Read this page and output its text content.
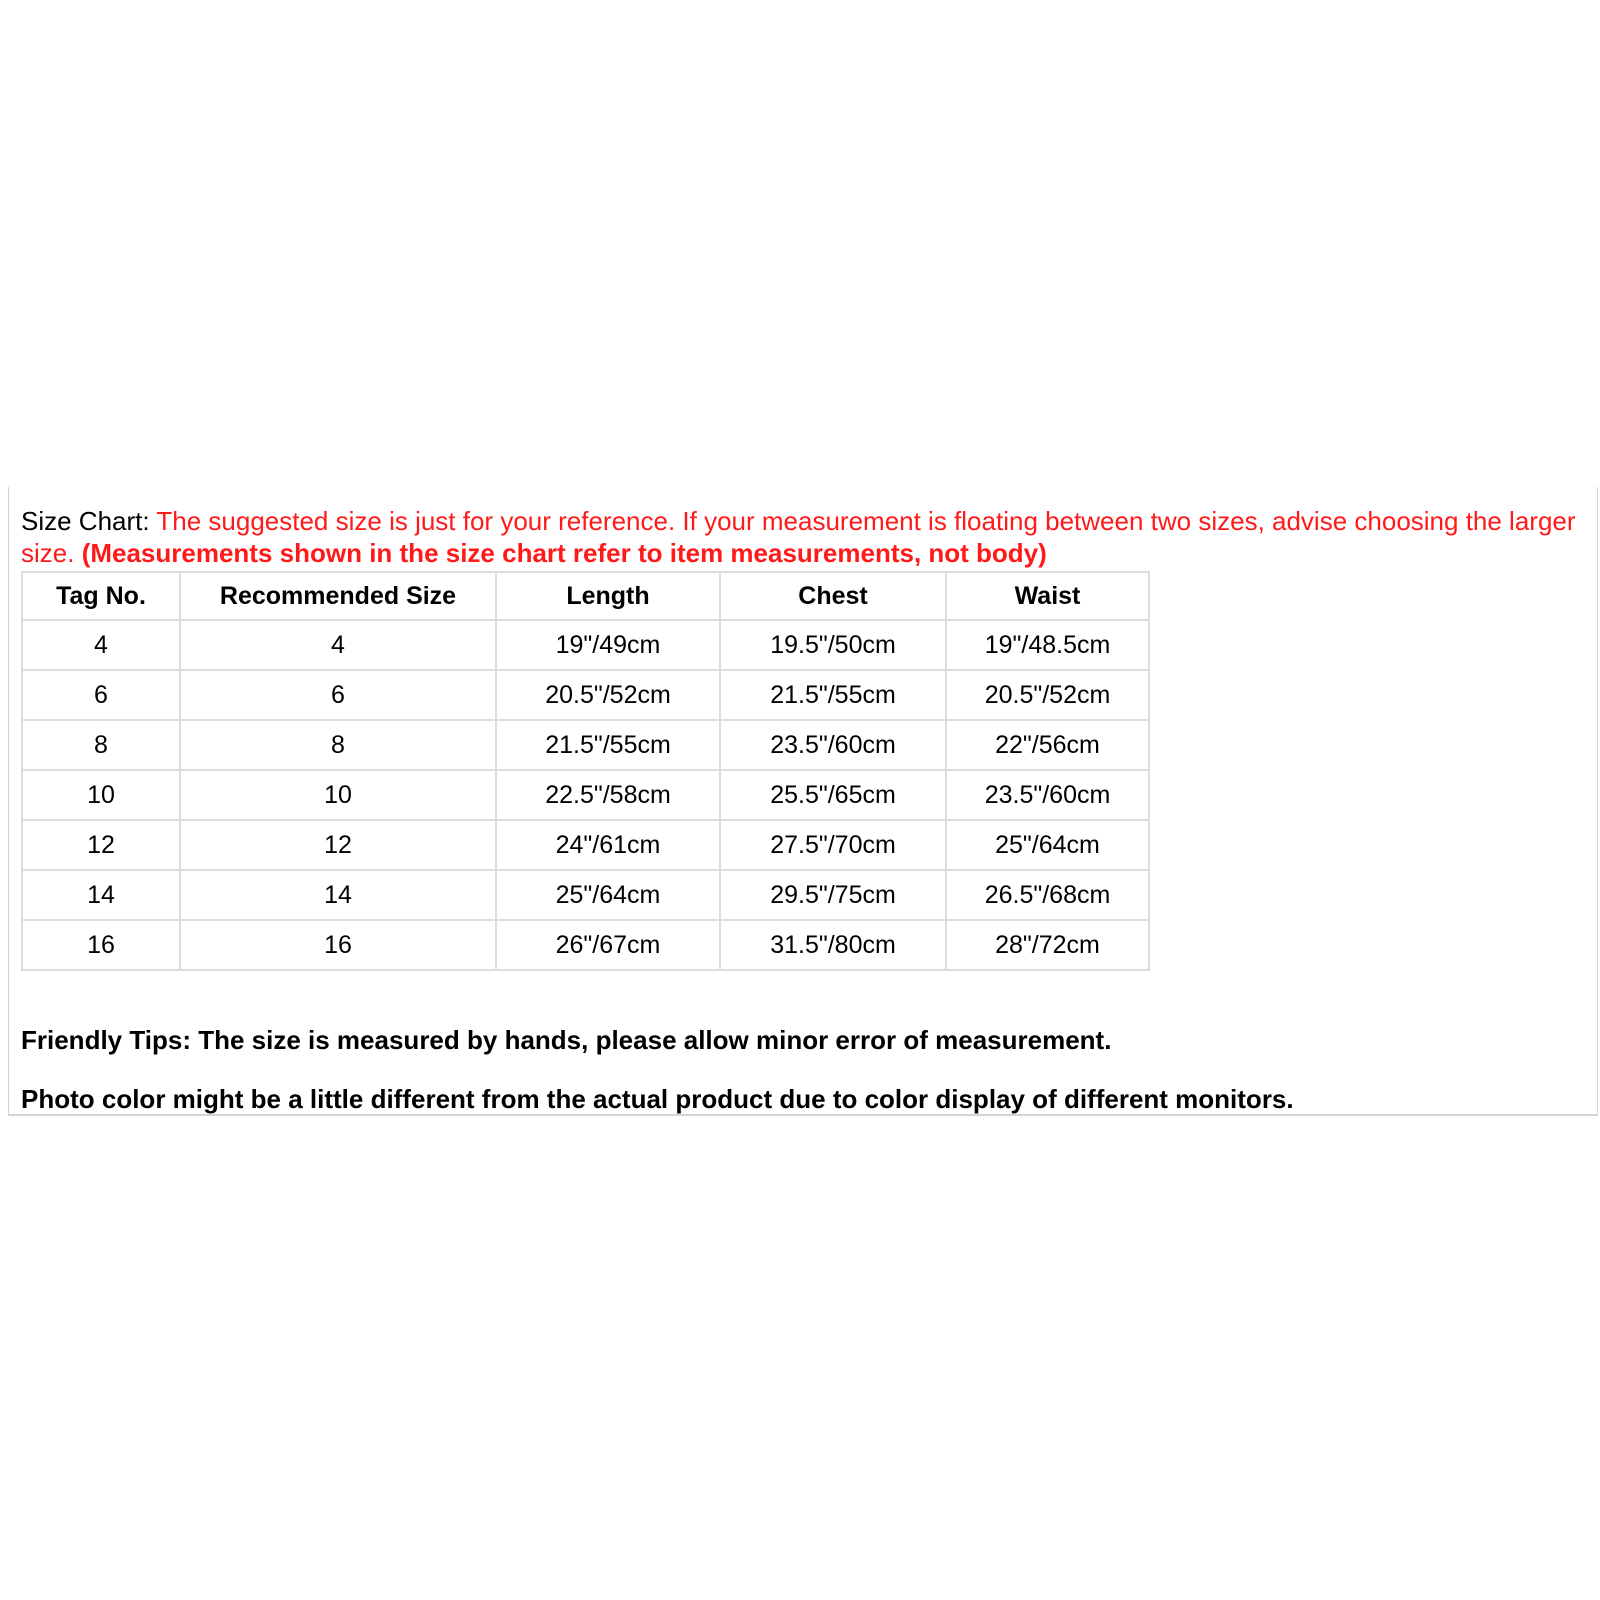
Size Chart: The suggested size is just for your reference. If your measurement is floating between two sizes, advise choosing the larger size. (Measurements shown in the size chart refer to item measurements, not body)

Tag No.	Recommended Size	Length	Chest	Waist
4	4	19"/49cm	19.5"/50cm	19"/48.5cm
6	6	20.5"/52cm	21.5"/55cm	20.5"/52cm
8	8	21.5"/55cm	23.5"/60cm	22"/56cm
10	10	22.5"/58cm	25.5"/65cm	23.5"/60cm
12	12	24"/61cm	27.5"/70cm	25"/64cm
14	14	25"/64cm	29.5"/75cm	26.5"/68cm
16	16	26"/67cm	31.5"/80cm	28"/72cm

Friendly Tips: The size is measured by hands, please allow minor error of measurement.

Photo color might be a little different from the actual product due to color display of different monitors.
